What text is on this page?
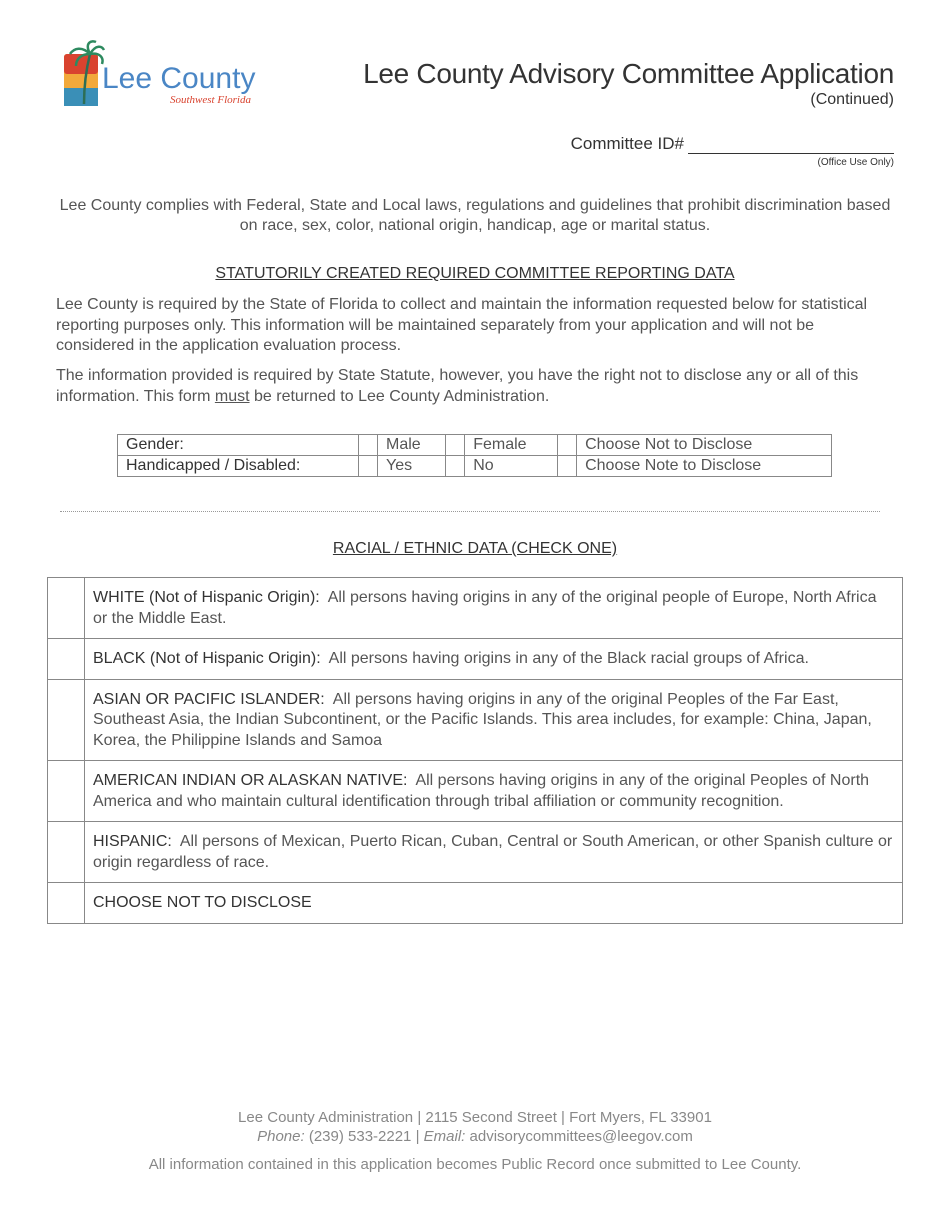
Lee County
Southwest Florida
Lee County Advisory Committee Application
(Continued)
Committee ID#
(Office Use Only)
Lee County complies with Federal, State and Local laws, regulations and guidelines that prohibit discrimination based on race, sex, color, national origin, handicap, age or marital status.
STATUTORILY CREATED REQUIRED COMMITTEE REPORTING DATA
Lee County is required by the State of Florida to collect and maintain the information requested below for statistical reporting purposes only. This information will be maintained separately from your application and will not be considered in the application evaluation process.
The information provided is required by State Statute, however, you have the right not to disclose any or all of this information. This form must be returned to Lee County Administration.
Gender:		Male		Female		Choose Not to Disclose
Handicapped / Disabled:		Yes		No		Choose Note to Disclose
RACIAL / ETHNIC DATA (CHECK ONE)
	WHITE (Not of Hispanic Origin): All persons having origins in any of the original people of Europe, North Africa or the Middle East.
	BLACK (Not of Hispanic Origin): All persons having origins in any of the Black racial groups of Africa.
	ASIAN OR PACIFIC ISLANDER: All persons having origins in any of the original Peoples of the Far East, Southeast Asia, the Indian Subcontinent, or the Pacific Islands. This area includes, for example: China, Japan, Korea, the Philippine Islands and Samoa
	AMERICAN INDIAN OR ALASKAN NATIVE: All persons having origins in any of the original Peoples of North America and who maintain cultural identification through tribal affiliation or community recognition.
	HISPANIC: All persons of Mexican, Puerto Rican, Cuban, Central or South American, or other Spanish culture or origin regardless of race.
	CHOOSE NOT TO DISCLOSE
Lee County Administration | 2115 Second Street | Fort Myers, FL 33901
Phone: (239) 533-2221 | Email: advisorycommittees@leegov.com
All information contained in this application becomes Public Record once submitted to Lee County.
